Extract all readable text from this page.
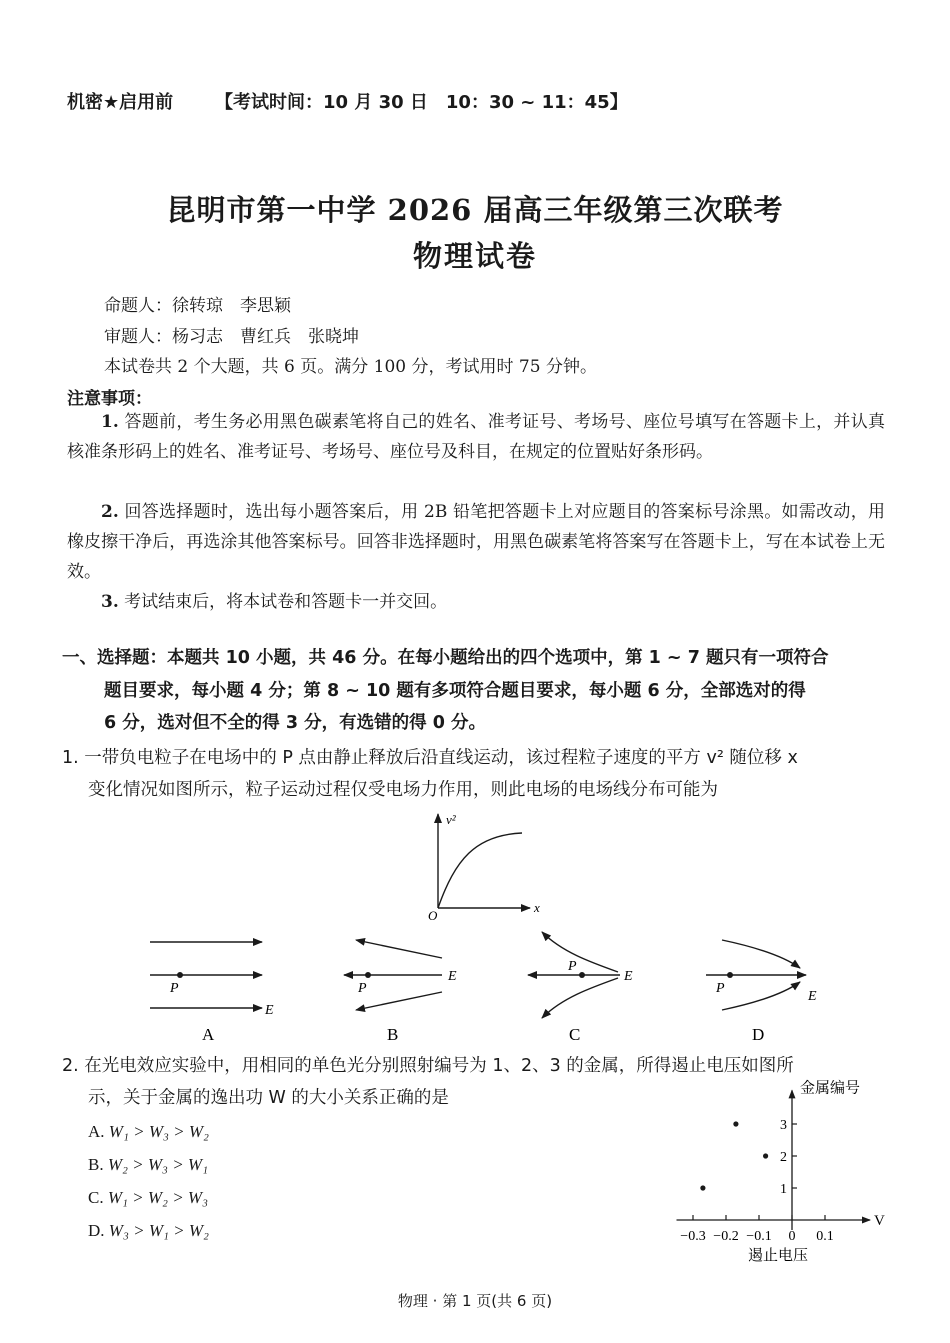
机密★启用前 【考试时间：10 月 30 日　10：30 ~ 11：45】
昆明市第一中学 2026 届高三年级第三次联考
物理试卷
命题人：徐转琼　李思颖
审题人：杨习志　曹红兵　张晓坤
本试卷共 2 个大题，共 6 页。满分 100 分，考试用时 75 分钟。
注意事项：
1. 答题前，考生务必用黑色碳素笔将自己的姓名、准考证号、考场号、座位号填写在答题卡上，并认真核准条形码上的姓名、准考证号、考场号、座位号及科目，在规定的位置贴好条形码。
2. 回答选择题时，选出每小题答案后，用 2B 铅笔把答题卡上对应题目的答案标号涂黑。如需改动，用橡皮擦干净后，再选涂其他答案标号。回答非选择题时，用黑色碳素笔将答案写在答题卡上，写在本试卷上无效。
3. 考试结束后，将本试卷和答题卡一并交回。
一、选择题：本题共 10 小题，共 46 分。在每小题给出的四个选项中，第 1 ~ 7 题只有一项符合
题目要求，每小题 4 分；第 8 ~ 10 题有多项符合题目要求，每小题 6 分，全部选对的得
6 分，选对但不全的得 3 分，有选错的得 0 分。
1. 一带负电粒子在电场中的 P 点由静止释放后沿直线运动，该过程粒子速度的平方 v² 随位移 x
变化情况如图所示，粒子运动过程仅受电场力作用，则此电场的电场线分布可能为
v²
x
O
P
E
A
P
E
B
P
E
C
P
E
D
2. 在光电效应实验中，用相同的单色光分别照射编号为 1、2、3 的金属，所得遏止电压如图所
示，关于金属的逸出功 W 的大小关系正确的是
A. W₁ > W₃ > W₂
B. W₂ > W₃ > W₁
C. W₁ > W₂ > W₃
D. W₃ > W₁ > W₂	−0.3 −0.2 −0.1 0 0.1
1
2
3
金属编号
遏止电压
V
物理 · 第 1 页(共 6 页)
